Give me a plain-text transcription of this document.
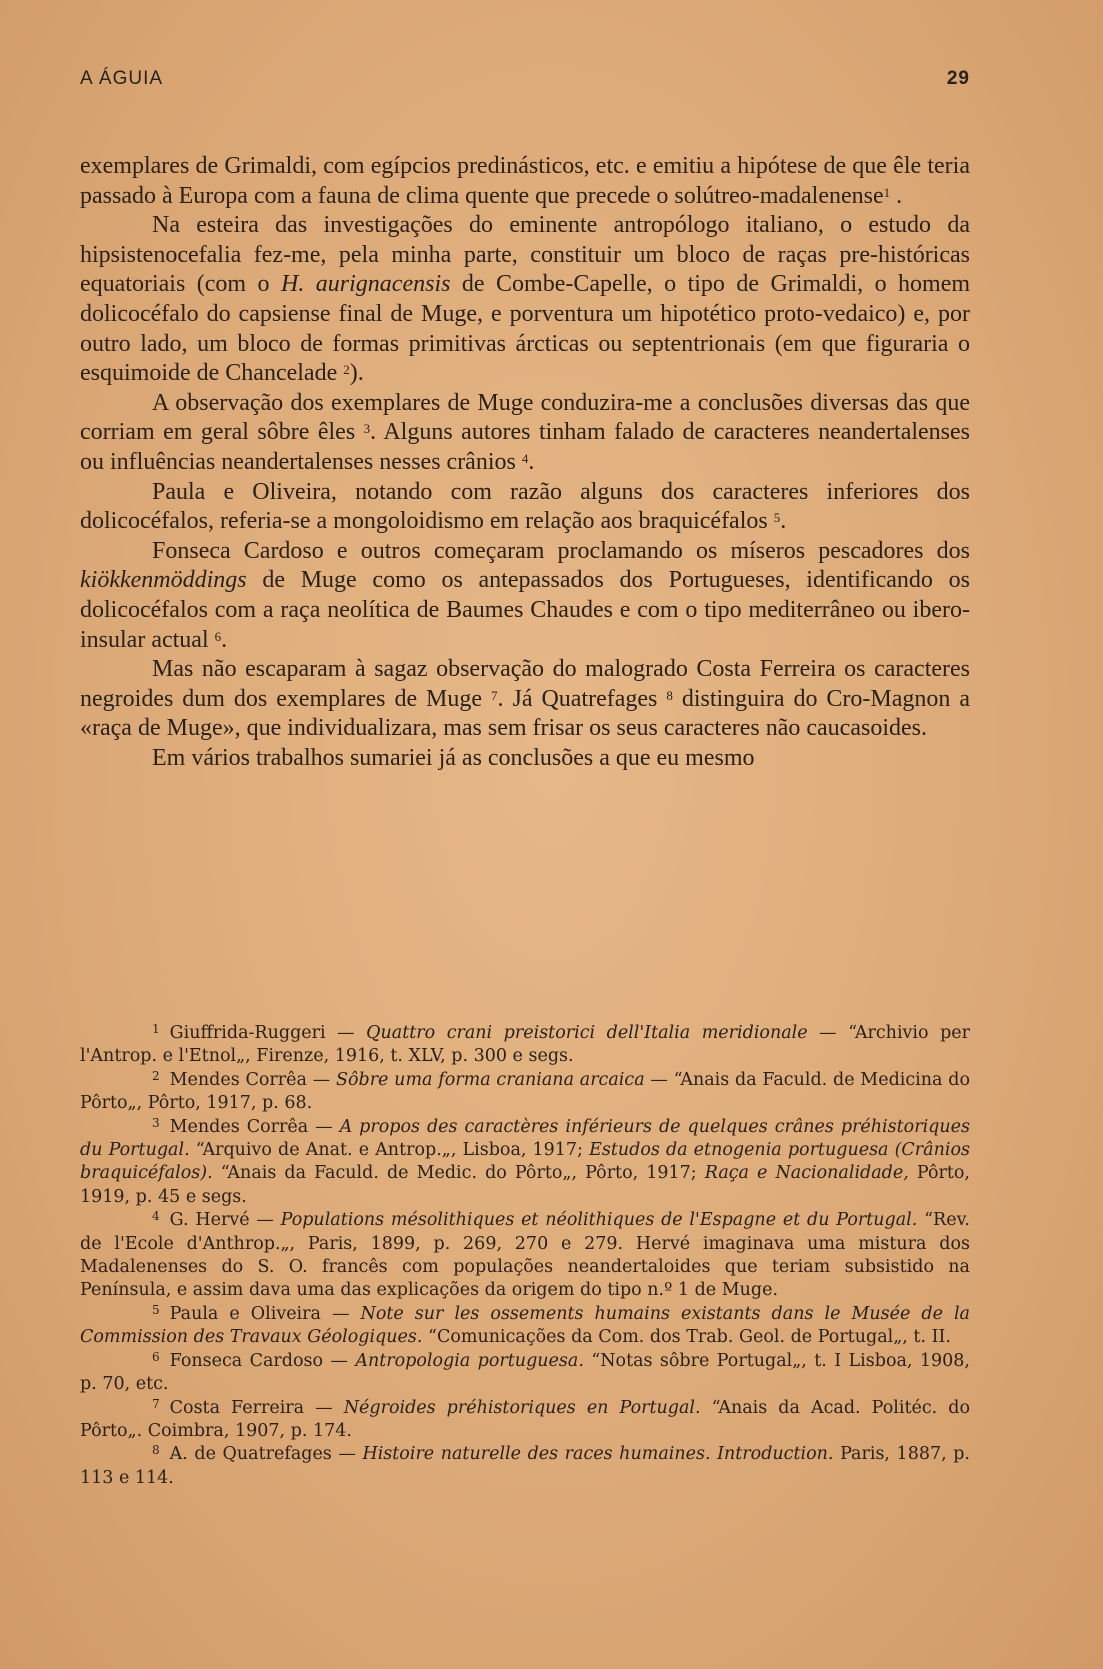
A ÁGUIA	29

exemplares de Grimaldi, com egípcios predinásticos, etc. e emitiu a hipótese de que êle teria passado à Europa com a fauna de clima quente que precede o solútreo-madalenense$^1$ .

Na esteira das investigações do eminente antropólogo italiano, o estudo da hipsistenocefalia fez-me, pela minha parte, constituir um bloco de raças pre-históricas equatoriais (com o H. aurignacensis de Combe-Capelle, o tipo de Grimaldi, o homem dolicocéfalo do capsiense final de Muge, e porventura um hipotético proto-vedaico) e, por outro lado, um bloco de formas primitivas árcticas ou septentrionais (em que figuraria o esquimoide de Chancelade $^2$).

A observação dos exemplares de Muge conduzira-me a conclusões diversas das que corriam em geral sôbre êles $^3$. Alguns autores tinham falado de caracteres neandertalenses ou influências neandertalenses nesses crânios $^4$.

Paula e Oliveira, notando com razão alguns dos caracteres inferiores dos dolicocéfalos, referia-se a mongoloidismo em relação aos braquicéfalos $^5$.

Fonseca Cardoso e outros começaram proclamando os míseros pescadores dos kiökkenmöddings de Muge como os antepassados dos Portugueses, identificando os dolicocéfalos com a raça neolítica de Baumes Chaudes e com o tipo mediterrâneo ou ibero-insular actual $^6$.

Mas não escaparam à sagaz observação do malogrado Costa Ferreira os caracteres negroides dum dos exemplares de Muge $^7$. Já Quatrefages $^8$ distinguira do Cro-Magnon a «raça de Muge», que individualizara, mas sem frisar os seus caracteres não caucasoides.

Em vários trabalhos sumariei já as conclusões a que eu mesmo

$^1$ Giuffrida-Ruggeri — Quattro crani preistorici dell'Italia meridionale — “Archivio per l'Antrop. e l'Etnol„, Firenze, 1916, t. XLV, p. 300 e segs.

$^2$ Mendes Corrêa — Sôbre uma forma craniana arcaica — “Anais da Faculd. de Medicina do Pôrto„, Pôrto, 1917, p. 68.

$^3$ Mendes Corrêa — A propos des caractères inférieurs de quelques crânes préhistoriques du Portugal. “Arquivo de Anat. e Antrop.„, Lisboa, 1917; Estudos da etnogenia portuguesa (Crânios braquicéfalos). “Anais da Faculd. de Medic. do Pôrto„, Pôrto, 1917; Raça e Nacionalidade, Pôrto, 1919, p. 45 e segs.

$^4$ G. Hervé — Populations mésolithiques et néolithiques de l'Espagne et du Portugal. “Rev. de l'Ecole d'Anthrop.„, Paris, 1899, p. 269, 270 e 279. Hervé imaginava uma mistura dos Madalenenses do S. O. francês com populações neandertaloides que teriam subsistido na Península, e assim dava uma das explicações da origem do tipo n.º 1 de Muge.

$^5$ Paula e Oliveira — Note sur les ossements humains existants dans le Musée de la Commission des Travaux Géologiques. “Comunicações da Com. dos Trab. Geol. de Portugal„, t. II.

$^6$ Fonseca Cardoso — Antropologia portuguesa. “Notas sôbre Portugal„, t. I Lisboa, 1908, p. 70, etc.

$^7$ Costa Ferreira — Négroides préhistoriques en Portugal. “Anais da Acad. Politéc. do Pôrto„. Coimbra, 1907, p. 174.

$^8$ A. de Quatrefages — Histoire naturelle des races humaines. Introduction. Paris, 1887, p. 113 e 114.
